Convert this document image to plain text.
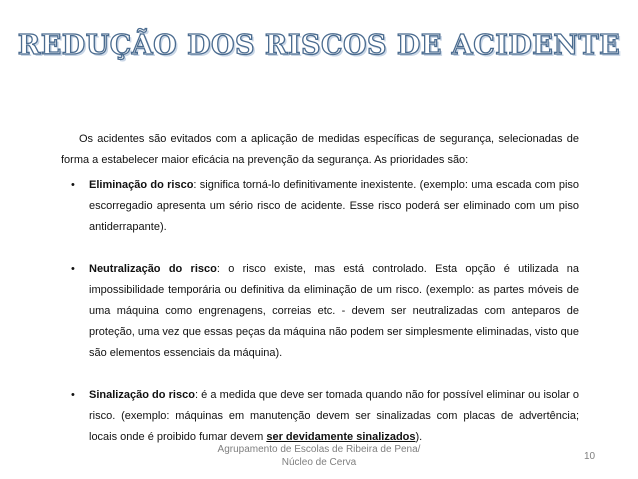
REDUÇÃO DOS RISCOS DE ACIDENTE

Os acidentes são evitados com a aplicação de medidas específicas de segurança, selecionadas de forma a estabelecer maior eficácia na prevenção da segurança. As prioridades são:

• Eliminação do risco: significa torná-lo definitivamente inexistente. (exemplo: uma escada com piso escorregadio apresenta um sério risco de acidente. Esse risco poderá ser eliminado com um piso antiderrapante).
• Neutralização do risco: o risco existe, mas está controlado. Esta opção é utilizada na impossibilidade temporária ou definitiva da eliminação de um risco. (exemplo: as partes móveis de uma máquina como engrenagens, correias etc. - devem ser neutralizadas com anteparos de proteção, uma vez que essas peças da máquina não podem ser simplesmente eliminadas, visto que são elementos essenciais da máquina).
• Sinalização do risco: é a medida que deve ser tomada quando não for possível eliminar ou isolar o risco. (exemplo: máquinas em manutenção devem ser sinalizadas com placas de advertência; locais onde é proibido fumar devem ser devidamente sinalizados).
Agrupamento de Escolas de Ribeira de Pena/ Núcleo de Cerva
10
